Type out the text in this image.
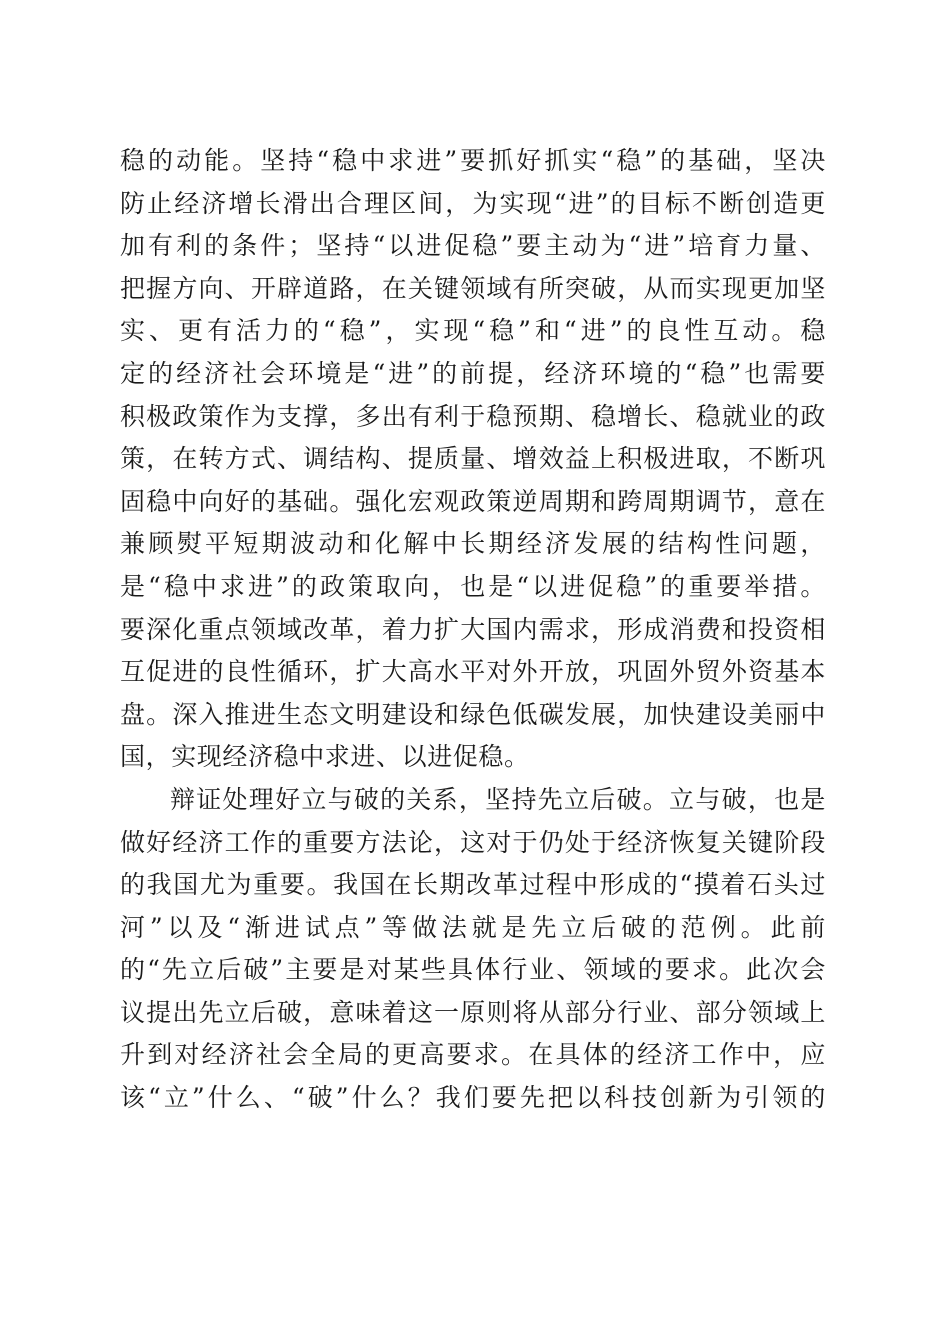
稳的动能。坚持“稳中求进”要抓好抓实“稳”的基础，坚决
防止经济增长滑出合理区间，为实现“进”的目标不断创造更
加有利的条件；坚持“以进促稳”要主动为“进”培育力量、
把握方向、开辟道路，在关键领域有所突破，从而实现更加坚
实、更有活力的“稳”，实现“稳”和“进”的良性互动。稳
定的经济社会环境是“进”的前提，经济环境的“稳”也需要
积极政策作为支撑，多出有利于稳预期、稳增长、稳就业的政
策，在转方式、调结构、提质量、增效益上积极进取，不断巩
固稳中向好的基础。强化宏观政策逆周期和跨周期调节，意在
兼顾熨平短期波动和化解中长期经济发展的结构性问题，
是“稳中求进”的政策取向，也是“以进促稳”的重要举措。
要深化重点领域改革，着力扩大国内需求，形成消费和投资相
互促进的良性循环，扩大高水平对外开放，巩固外贸外资基本
盘。深入推进生态文明建设和绿色低碳发展，加快建设美丽中
国，实现经济稳中求进、以进促稳。
辩证处理好立与破的关系，坚持先立后破。立与破，也是
做好经济工作的重要方法论，这对于仍处于经济恢复关键阶段
的我国尤为重要。我国在长期改革过程中形成的“摸着石头过
河”以及“渐进试点”等做法就是先立后破的范例。此前
的“先立后破”主要是对某些具体行业、领域的要求。此次会
议提出先立后破，意味着这一原则将从部分行业、部分领域上
升到对经济社会全局的更高要求。在具体的经济工作中，应
该“立”什么、“破”什么？我们要先把以科技创新为引领的
